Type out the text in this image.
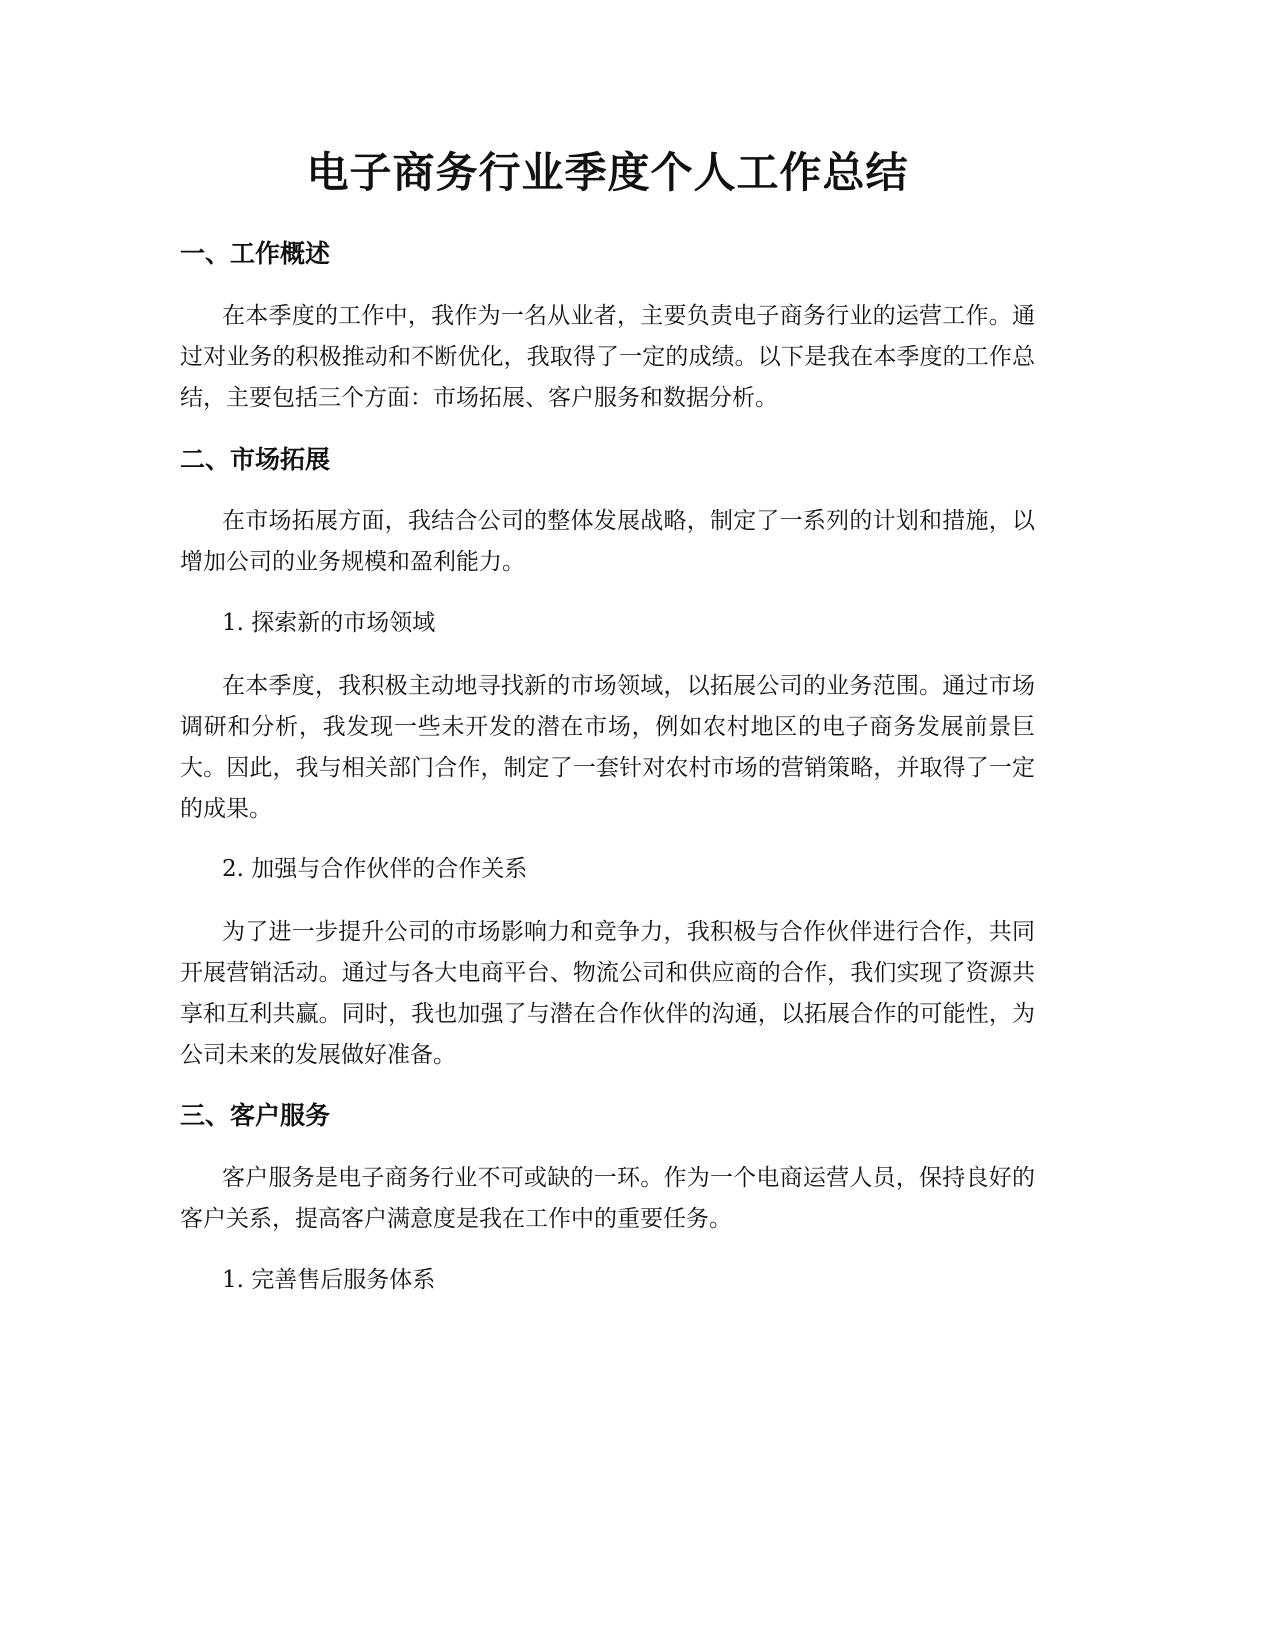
电子商务行业季度个人工作总结
一、工作概述

在本季度的工作中，我作为一名从业者，主要负责电子商务行业的运营工作。通过对业务的积极推动和不断优化，我取得了一定的成绩。以下是我在本季度的工作总结，主要包括三个方面：市场拓展、客户服务和数据分析。

二、市场拓展

在市场拓展方面，我结合公司的整体发展战略，制定了一系列的计划和措施，以增加公司的业务规模和盈利能力。

1. 探索新的市场领域

在本季度，我积极主动地寻找新的市场领域，以拓展公司的业务范围。通过市场调研和分析，我发现一些未开发的潜在市场，例如农村地区的电子商务发展前景巨大。因此，我与相关部门合作，制定了一套针对农村市场的营销策略，并取得了一定的成果。

2. 加强与合作伙伴的合作关系

为了进一步提升公司的市场影响力和竞争力，我积极与合作伙伴进行合作，共同开展营销活动。通过与各大电商平台、物流公司和供应商的合作，我们实现了资源共享和互利共赢。同时，我也加强了与潜在合作伙伴的沟通，以拓展合作的可能性，为公司未来的发展做好准备。

三、客户服务

客户服务是电子商务行业不可或缺的一环。作为一个电商运营人员，保持良好的客户关系，提高客户满意度是我在工作中的重要任务。

1. 完善售后服务体系
